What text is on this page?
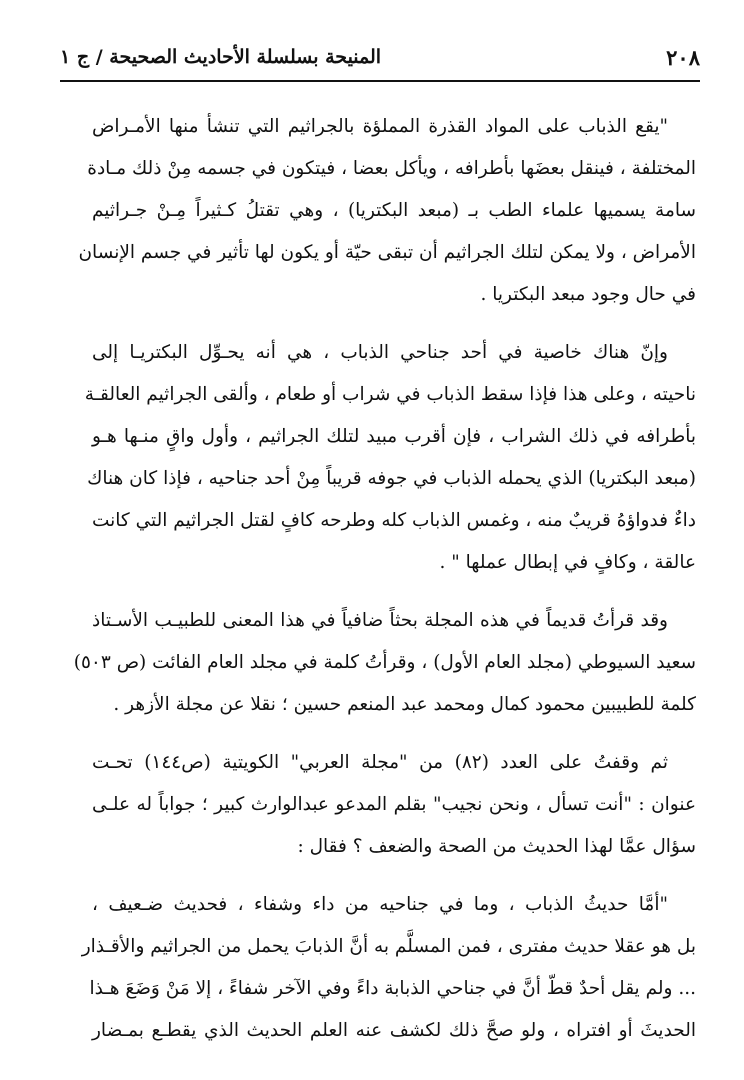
٢٠٨
المنيحة بسلسلة الأحاديث الصحيحة / ج ١
"يقع الذباب على المواد القذرة المملؤة بالجراثيم التي تنشأ منها الأمـراض
المختلفة ، فينقل بعضَها بأطرافه ، ويأكل بعضا ، فيتكون في جسمه مِنْ ذلك مـادة
سامة يسميها علماء الطب بـ (مبعد البكتريا) ، وهي تقتلُ كـثيراً مِـنْ جـراثيم
الأمراض ، ولا يمكن لتلك الجراثيم أن تبقى حيّة أو يكون لها تأثير في جسم الإنسان
في حال وجود مبعد البكتريا .
وإنّ هناك خاصية في أحد جناحي الذباب ، هي أنه يحـوِّل البكتريـا إلى
ناحيته ، وعلى هذا فإذا سقط الذباب في شراب أو طعام ، وألقى الجراثيم العالقـة
بأطرافه في ذلك الشراب ، فإن أقرب مبيد لتلك الجراثيم ، وأول واقٍ منـها هـو
(مبعد البكتريا) الذي يحمله الذباب في جوفه قريباً مِنْ أحد جناحيه ، فإذا كان هناك
داءٌ فدواؤهُ قريبٌ منه ، وغمس الذباب كله وطرحه كافٍ لقتل الجراثيم التي كانت
عالقة ، وكافٍ في إبطال عملها " .
وقد قرأتُ قديماً في هذه المجلة بحثاً ضافياً في هذا المعنى للطبيـب الأسـتاذ
سعيد السيوطي (مجلد العام الأول) ، وقرأتُ كلمة في مجلد العام الفائت (ص ٥٠٣)
كلمة للطبيبين محمود كمال ومحمد عبد المنعم حسين ؛ نقلا عن مجلة الأزهر .
ثم وقفتُ على العدد (٨٢) من "مجلة العربي" الكويتية (ص١٤٤) تحـت
عنوان : "أنت تسأل ، ونحن نجيب" بقلم المدعو عبدالوارث كبير ؛ جواباً له علـى
سؤال عمَّا لهذا الحديث من الصحة والضعف ؟ فقال :
"أمَّا حديثُ الذباب ، وما في جناحيه من داء وشفاء ، فحديث ضـعيف ،
بل هو عقلا حديث مفترى ، فمن المسلَّم به أنَّ الذبابَ يحمل من الجراثيم والأقـذار
... ولم يقل أحدٌ قطّ أنَّ في جناحي الذبابة داءً وفي الآخر شفاءً ، إلا مَنْ وَضَعَ هـذا
الحديثَ أو افتراه ، ولو صحَّ ذلك لكشف عنه العلم الحديث الذي يقطـع بمـضار
